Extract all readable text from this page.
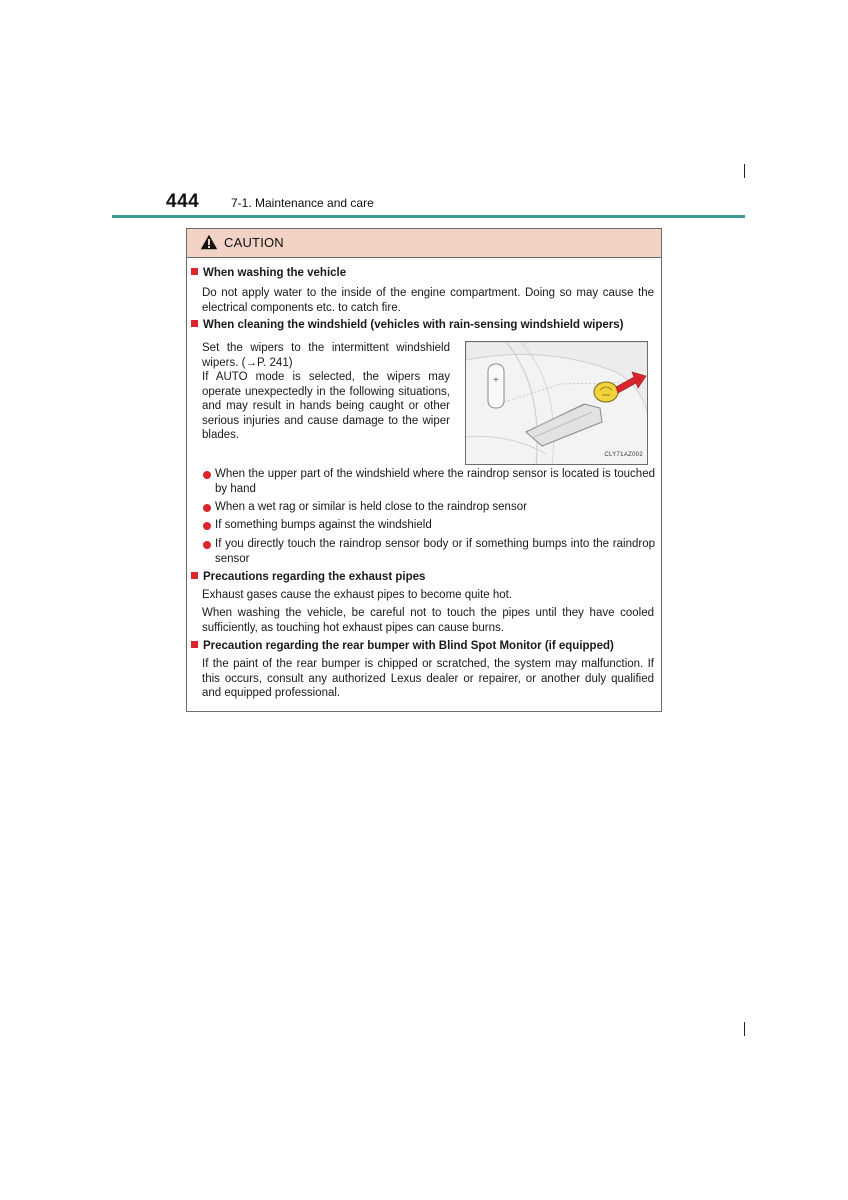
444	7-1. Maintenance and care
CAUTION
When washing the vehicle
Do not apply water to the inside of the engine compartment. Doing so may cause the electrical components etc. to catch fire.
When cleaning the windshield (vehicles with rain-sensing windshield wipers)
Set the wipers to the intermittent windshield wipers. (→P. 241)
If AUTO mode is selected, the wipers may operate unexpectedly in the following situations, and may result in hands being caught or other serious injuries and cause damage to the wiper blades.
+
CLY71AZ002
When the upper part of the windshield where the raindrop sensor is located is touched by hand
When a wet rag or similar is held close to the raindrop sensor
If something bumps against the windshield
If you directly touch the raindrop sensor body or if something bumps into the raindrop sensor
Precautions regarding the exhaust pipes
Exhaust gases cause the exhaust pipes to become quite hot.
When washing the vehicle, be careful not to touch the pipes until they have cooled sufficiently, as touching hot exhaust pipes can cause burns.
Precaution regarding the rear bumper with Blind Spot Monitor (if equipped)
If the paint of the rear bumper is chipped or scratched, the system may malfunction. If this occurs, consult any authorized Lexus dealer or repairer, or another duly qualified and equipped professional.
